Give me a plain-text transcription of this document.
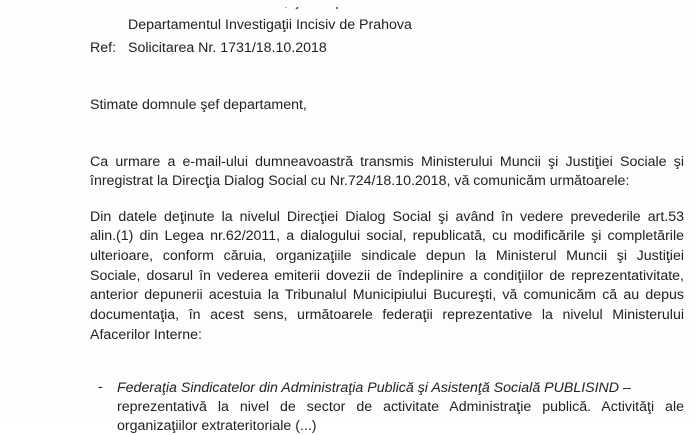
Departamentul Investigaţii Incisiv de Prahova
Ref: Solicitarea Nr. 1731/18.10.2018
Stimate domnule şef departament,
Ca urmare a e-mail-ului dumneavoastră transmis Ministerului Muncii şi Justiţiei Sociale şi
înregistrat la Direcţia Dialog Social cu Nr.724/18.10.2018, vă comunicăm următoarele:
Din datele deţinute la nivelul Direcţiei Dialog Social şi având în vedere prevederile art.53
alin.(1) din Legea nr.62/2011, a dialogului social, republicată, cu modificările şi completările
ulterioare, conform căruia, organizaţiile sindicale depun la Ministerul Muncii şi Justiţiei
Sociale, dosarul în vederea emiterii dovezii de îndeplinire a condiţiilor de reprezentativitate,
anterior depunerii acestuia la Tribunalul Municipiului Bucureşti, vă comunicăm că au depus
documentaţia, în acest sens, următoarele federaţii reprezentative la nivelul Ministerului
Afacerilor Interne:
- Federaţia Sindicatelor din Administraţia Publică şi Asistenţă Socială PUBLISIND –
reprezentativă la nivel de sector de activitate Administraţie publică. Activităţi ale
organizaţiilor extrateritoriale (...)
